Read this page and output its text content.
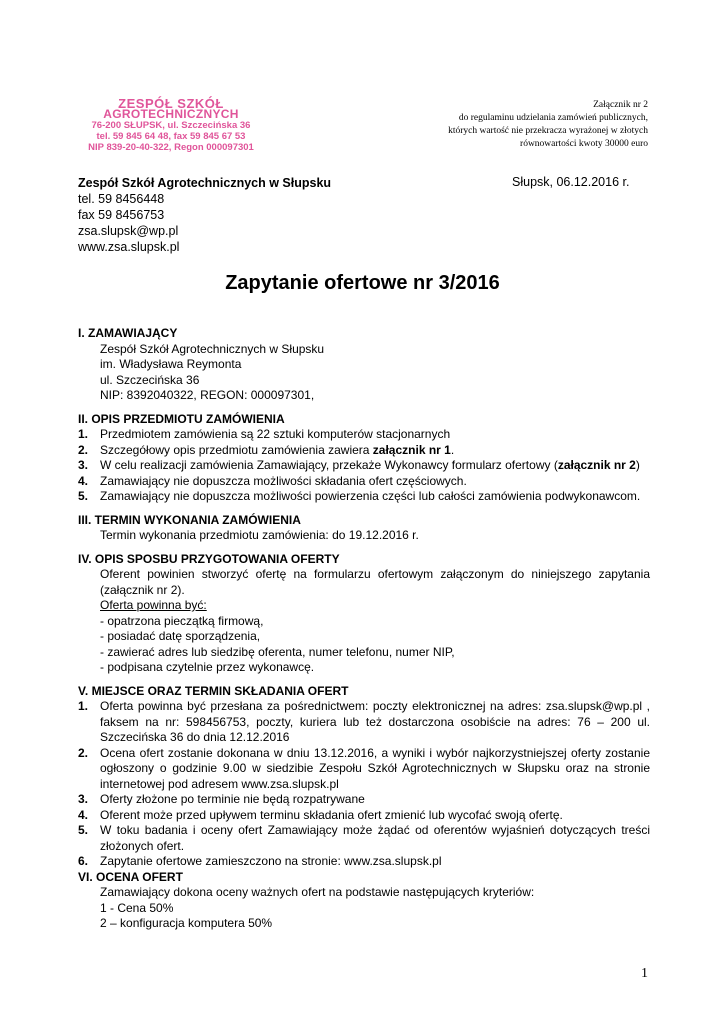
ZESPÓŁ SZKÓŁ
AGROTECHNICZNYCH
76-200 SŁUPSK, ul. Szczecińska 36
tel. 59 845 64 48, fax 59 845 67 53
NIP 839-20-40-322, Regon 000097301
Załącznik nr 2
do regulaminu udzielania zamówień publicznych,
których wartość nie przekracza wyrażonej w złotych
równowartości kwoty 30000 euro
Zespół Szkół Agrotechnicznych w Słupsku
tel. 59 8456448
fax 59 8456753
zsa.slupsk@wp.pl
www.zsa.slupsk.pl
Słupsk, 06.12.2016 r.
Zapytanie ofertowe nr 3/2016
I. ZAMAWIAJĄCY
Zespół Szkół Agrotechnicznych w Słupsku
im. Władysława Reymonta
ul. Szczecińska 36
NIP: 8392040322, REGON: 000097301,
II. OPIS PRZEDMIOTU ZAMÓWIENIA
1. Przedmiotem zamówienia są 22 sztuki komputerów stacjonarnych
2. Szczegółowy opis przedmiotu zamówienia zawiera załącznik nr 1.
3. W celu realizacji zamówienia Zamawiający, przekaże Wykonawcy formularz ofertowy (załącznik nr 2)
4. Zamawiający nie dopuszcza możliwości składania ofert częściowych.
5. Zamawiający nie dopuszcza możliwości powierzenia części lub całości zamówienia podwykonawcom.
III. TERMIN WYKONANIA ZAMÓWIENIA
Termin wykonania przedmiotu zamówienia: do 19.12.2016 r.
IV. OPIS SPOSBU PRZYGOTOWANIA OFERTY
Oferent powinien stworzyć ofertę na formularzu ofertowym załączonym do niniejszego zapytania (załącznik nr 2).
Oferta powinna być:
- opatrzona pieczątką firmową,
- posiadać datę sporządzenia,
- zawierać adres lub siedzibę oferenta, numer telefonu, numer NIP,
- podpisana czytelnie przez wykonawcę.
V. MIEJSCE ORAZ TERMIN SKŁADANIA OFERT
1. Oferta powinna być przesłana za pośrednictwem: poczty elektronicznej na adres: zsa.slupsk@wp.pl , faksem na nr: 598456753, poczty, kuriera lub też dostarczona osobiście na adres: 76 – 200 ul. Szczecińska 36 do dnia 12.12.2016
2. Ocena ofert zostanie dokonana w dniu 13.12.2016, a wyniki i wybór najkorzystniejszej oferty zostanie ogłoszony o godzinie 9.00 w siedzibie Zespołu Szkół Agrotechnicznych w Słupsku oraz na stronie internetowej pod adresem www.zsa.slupsk.pl
3. Oferty złożone po terminie nie będą rozpatrywane
4. Oferent może przed upływem terminu składania ofert zmienić lub wycofać swoją ofertę.
5. W toku badania i oceny ofert Zamawiający może żądać od oferentów wyjaśnień dotyczących treści złożonych ofert.
6. Zapytanie ofertowe zamieszczono na stronie: www.zsa.slupsk.pl
VI. OCENA OFERT
Zamawiający dokona oceny ważnych ofert na podstawie następujących kryteriów:
1 - Cena 50%
2 – konfiguracja komputera 50%
1
